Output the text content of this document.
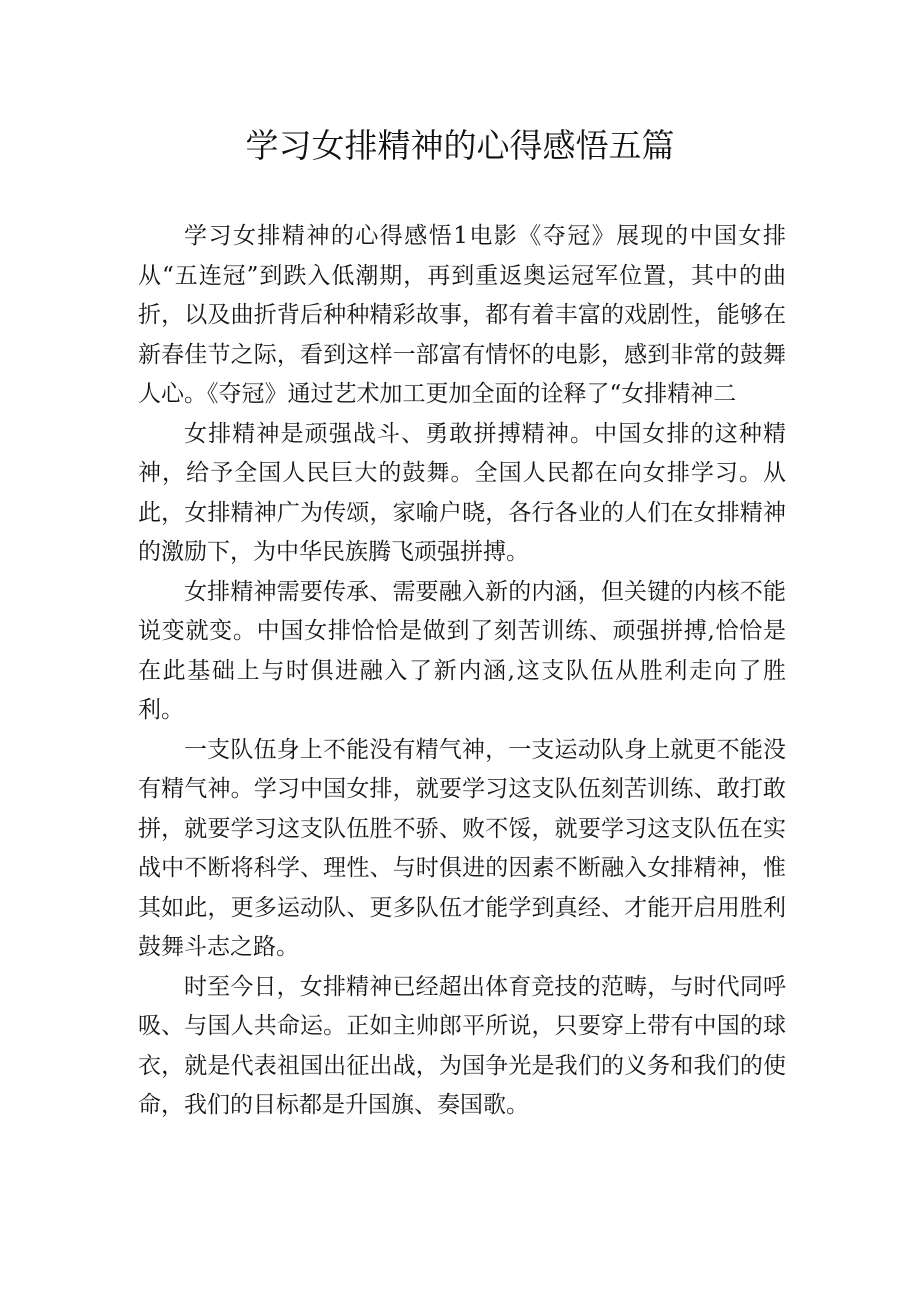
学习女排精神的心得感悟五篇

学习女排精神的心得感悟1电影《夺冠》展现的中国女排从“五连冠”到跌入低潮期，再到重返奥运冠军位置，其中的曲折，以及曲折背后种种精彩故事，都有着丰富的戏剧性，能够在新春佳节之际，看到这样一部富有情怀的电影，感到非常的鼓舞人心。《夺冠》通过艺术加工更加全面的诠释了“女排精神二

女排精神是顽强战斗、勇敢拼搏精神。中国女排的这种精神，给予全国人民巨大的鼓舞。全国人民都在向女排学习。从此，女排精神广为传颂，家喻户晓，各行各业的人们在女排精神的激励下，为中华民族腾飞顽强拼搏。

女排精神需要传承、需要融入新的内涵，但关键的内核不能说变就变。中国女排恰恰是做到了刻苦训练、顽强拼搏,恰恰是在此基础上与时俱进融入了新内涵,这支队伍从胜利走向了胜利。

一支队伍身上不能没有精气神，一支运动队身上就更不能没有精气神。学习中国女排，就要学习这支队伍刻苦训练、敢打敢拼，就要学习这支队伍胜不骄、败不馁，就要学习这支队伍在实战中不断将科学、理性、与时俱进的因素不断融入女排精神，惟其如此，更多运动队、更多队伍才能学到真经、才能开启用胜利鼓舞斗志之路。

时至今日，女排精神已经超出体育竞技的范畴，与时代同呼吸、与国人共命运。正如主帅郎平所说，只要穿上带有中国的球衣，就是代表祖国出征出战，为国争光是我们的义务和我们的使命，我们的目标都是升国旗、奏国歌。
